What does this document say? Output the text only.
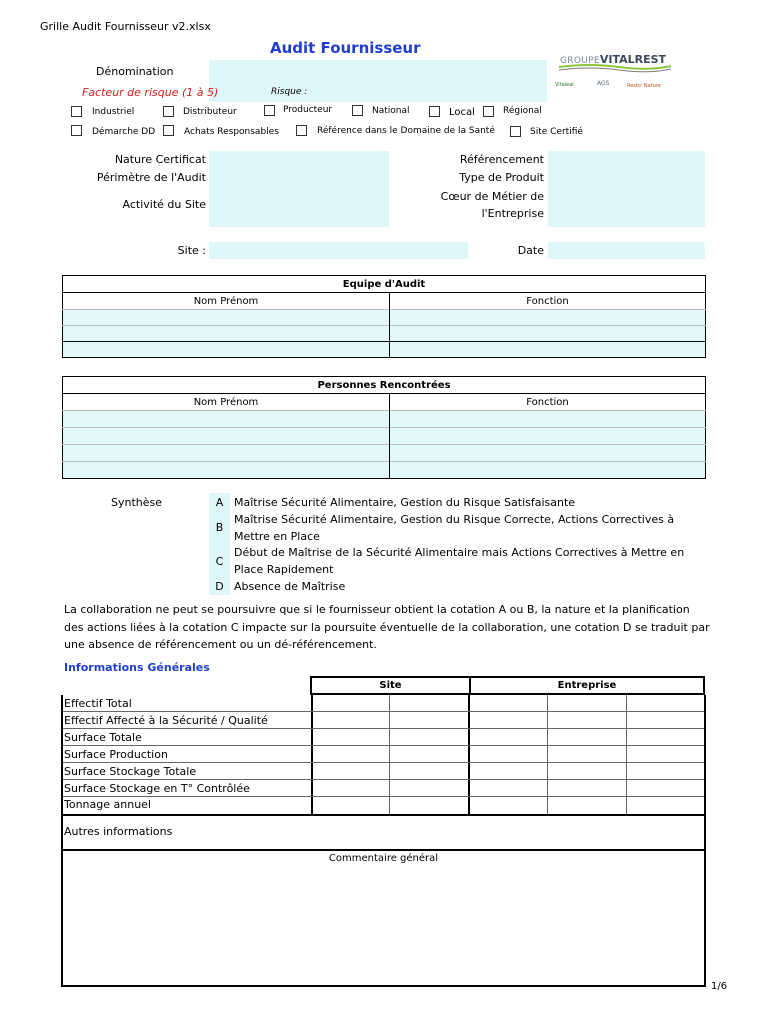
Grille Audit Fournisseur v2.xlsx
Audit Fournisseur
GROUPEVITALREST
Vitaleal	AGS	Resto' Nature
Dénomination
Facteur de risque (1 à 5)	Risque :
Industriel	Distributeur	Producteur	National	Local	Régional
Démarche DD	Achats Responsables	Référence dans le Domaine de la Santé	Site Certifié
Nature Certificat
Périmètre de l'Audit
Activité du Site
Site :
Référencement
Type de Produit
Cœur de Métier de
l'Entreprise
Date
Equipe d'Audit	
Nom Prénom	Fonction

Personnes Rencontrées	
Nom Prénom	Fonction

Synthèse	A Maîtrise Sécurité Alimentaire, Gestion du Risque Satisfaisante
B
Maîtrise Sécurité Alimentaire, Gestion du Risque Correcte, Actions Correctives à
Mettre en Place
C
Début de Maîtrise de la Sécurité Alimentaire mais Actions Correctives à Mettre en
Place Rapidement
D Absence de Maîtrise
La collaboration ne peut se poursuivre que si le fournisseur obtient la cotation A ou B, la nature et la planification
des actions liées à la cotation C impacte sur la poursuite éventuelle de la collaboration, une cotation D se traduit par
une absence de référencement ou un dé-référencement.
Informations Générales
Site	Entreprise
Effectif Total
Effectif Affecté à la Sécurité / Qualité
Surface Totale
Surface Production
Surface Stockage Totale
Surface Stockage en T° Contrôlée
Tonnage annuel
Autres informations
Commentaire général
1/6
